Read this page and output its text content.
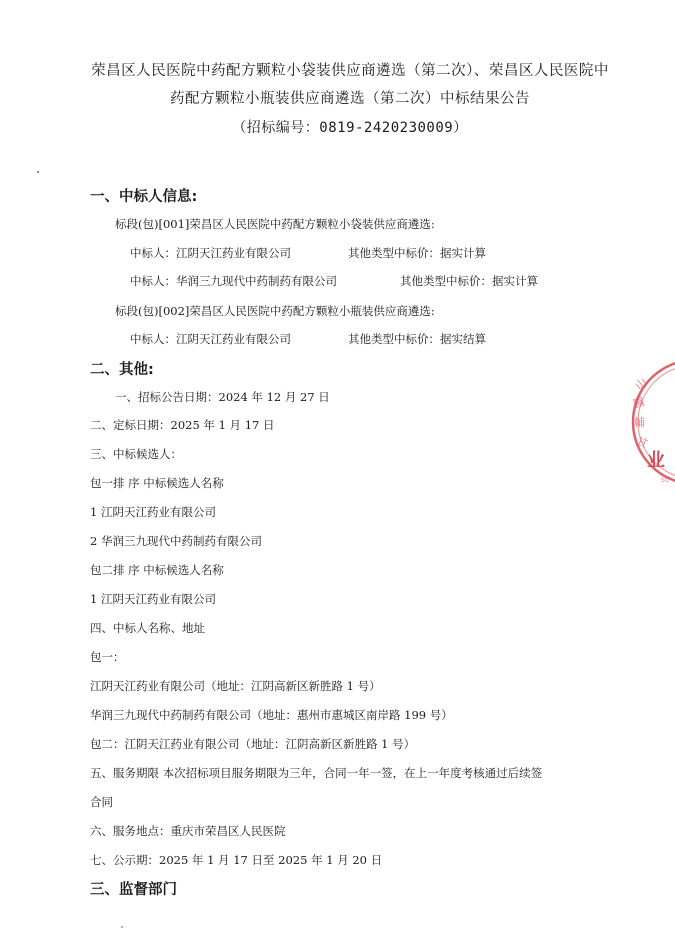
荣昌区人民医院中药配方颗粒小袋装供应商遴选（第二次）、荣昌区人民医院中
药配方颗粒小瓶装供应商遴选（第二次）中标结果公告
（招标编号：0819-2420230009）
一、中标人信息:
标段(包)[001]荣昌区人民医院中药配方颗粒小袋装供应商遴选:
中标人：江阴天江药业有限公司	其他类型中标价：据实计算
中标人：华润三九现代中药制药有限公司	其他类型中标价：据实计算
标段(包)[002]荣昌区人民医院中药配方颗粒小瓶装供应商遴选:
中标人：江阴天江药业有限公司	其他类型中标价：据实结算
二、其他:
一、招标公告日期：2024 年 12 月 27 日
二、定标日期：2025 年 1 月 17 日
三、中标候选人：
包一排 序 中标候选人名称
1 江阴天江药业有限公司
2 华润三九现代中药制药有限公司
包二排 序 中标候选人名称
1 江阴天江药业有限公司
四、中标人名称、地址
包一：
江阴天江药业有限公司（地址：江阴高新区新胜路 1 号）
华润三九现代中药制药有限公司（地址：惠州市惠城区南岸路 199 号）
包二：江阴天江药业有限公司（地址：江阴高新区新胜路 1 号）
五、服务期限 本次招标项目服务期限为三年，合同一年一签，在上一年度考核通过后续签
合同
六、服务地点：重庆市荣昌区人民医院
七、公示期：2025 年 1 月 17 日至 2025 年 1 月 20 日
三、监督部门
山
醫
輔
甘
业
SO
